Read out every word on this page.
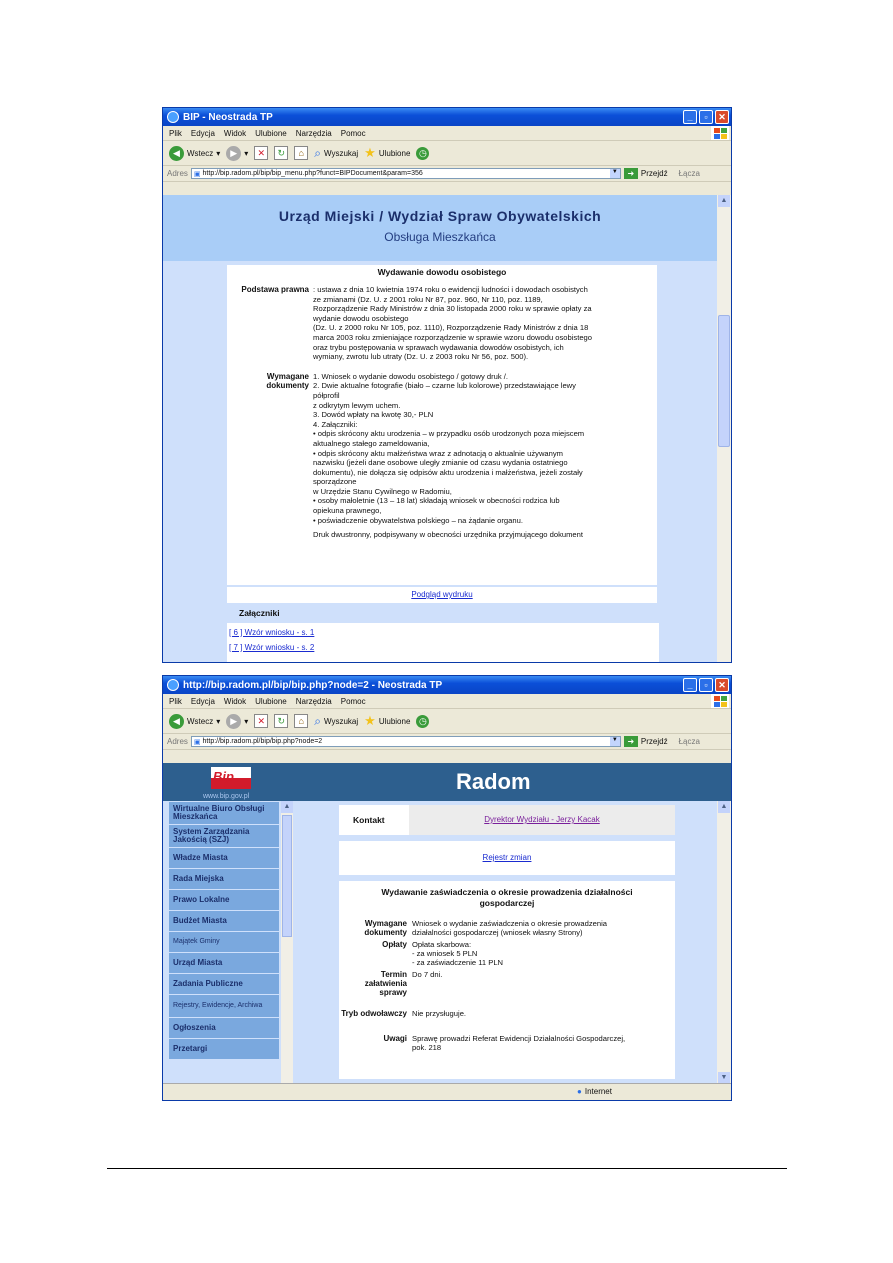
BIP - Neostrada TP	_	▫	✕
Plik Edycja Widok Ulubione Narzędzia Pomoc
◀ Wstecz ▾	▶ ▾	✕	↻	⌂ ⌕ Wyszukaj ★ Ulubione ◷
Adres ▣ http://bip.radom.pl/bip/bip_menu.php?funct=BIPDocument&param=356	▼	➜ Przejdź Łącza
Urząd Miejski / Wydział Spraw Obywatelskich
Obsługa Mieszkańca
Wydawanie dowodu osobistego
Podstawa prawna : ustawa z dnia 10 kwietnia 1974 roku o ewidencji ludności i dowodach osobistych
ze zmianami (Dz. U. z 2001 roku Nr 87, poz. 960, Nr 110, poz. 1189,
Rozporządzenie Rady Ministrów z dnia 30 listopada 2000 roku w sprawie opłaty za
wydanie dowodu osobistego
(Dz. U. z 2000 roku Nr 105, poz. 1110), Rozporządzenie Rady Ministrów z dnia 18
marca 2003 roku zmieniające rozporządzenie w sprawie wzoru dowodu osobistego
oraz trybu postępowania w sprawach wydawania dowodów osobistych, ich
wymiany, zwrotu lub utraty (Dz. U. z 2003 roku Nr 56, poz. 500).
Wymagane dokumenty
1. Wniosek o wydanie dowodu osobistego / gotowy druk /.
2. Dwie aktualne fotografie (biało – czarne lub kolorowe) przedstawiające lewy
półprofil
z odkrytym lewym uchem.
3. Dowód wpłaty na kwotę 30,- PLN
4. Załączniki:
• odpis skrócony aktu urodzenia – w przypadku osób urodzonych poza miejscem
aktualnego stałego zameldowania,
• odpis skrócony aktu małżeństwa wraz z adnotacją o aktualnie używanym
nazwisku (jeżeli dane osobowe uległy zmianie od czasu wydania ostatniego
dokumentu), nie dołącza się odpisów aktu urodzenia i małżeństwa, jeżeli zostały
sporządzone
w Urzędzie Stanu Cywilnego w Radomiu,
• osoby małoletnie (13 – 18 lat) składają wniosek w obecności rodzica lub
opiekuna prawnego,
• poświadczenie obywatelstwa polskiego – na żądanie organu.
Druk dwustronny, podpisywany w obecności urzędnika przyjmującego dokument
Podgląd wydruku
Załączniki
[ 6 ] Wzór wniosku - s. 1
[ 7 ] Wzór wniosku - s. 2
▲
http://bip.radom.pl/bip/bip.php?node=2 - Neostrada TP	_	▫	✕
Plik Edycja Widok Ulubione Narzędzia Pomoc
◀ Wstecz ▾	▶ ▾	✕	↻	⌂ ⌕ Wyszukaj ★ Ulubione ◷
Adres ▣ http://bip.radom.pl/bip/bip.php?node=2	▼	➜ Przejdź Łącza
Bip
www.bip.gov.pl
Radom
Wirtualne Biuro Obsługi Mieszkańca
System Zarządzania Jakością (SZJ)
Władze Miasta
Rada Miejska
Prawo Lokalne
Budżet Miasta
Majątek Gminy
Urząd Miasta
Zadania Publiczne
Rejestry, Ewidencje, Archiwa
Ogłoszenia
Przetargi
▲
Kontakt	Dyrektor Wydziału - Jerzy Kacak
Rejestr zmian
Wydawanie zaświadczenia o okresie prowadzenia działalności gospodarczej
Wymagane dokumenty
Wniosek o wydanie zaświadczenia o okresie prowadzenia
działalności gospodarczej (wniosek własny Strony)
Opłaty Opłata skarbowa:
- za wniosek 5 PLN
- za zaświadczenie 11 PLN
Termin załatwienia sprawy
Do 7 dni.
Tryb odwoławczy Nie przysługuje.
Uwagi Sprawę prowadzi Referat Ewidencji Działalności Gospodarczej,
pok. 218
▲
▼
● Internet
